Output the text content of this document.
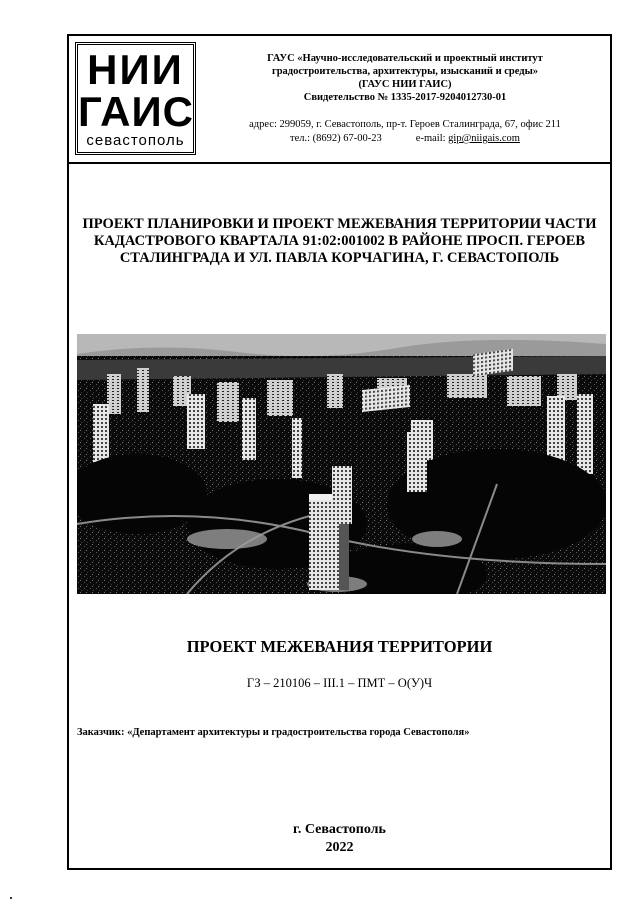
НИИ
ГАИС
севастополь
ГАУС «Научно-исследовательский и проектный институт
градостроительства, архитектуры, изысканий и среды»
(ГАУС НИИ ГАИС)
Свидетельство № 1335-2017-9204012730-01
адрес: 299059, г. Севастополь, пр-т. Героев Сталинграда, 67, офис 211
тел.: (8692) 67-00-23	e-mail: gip@niigais.com
ПРОЕКТ ПЛАНИРОВКИ И ПРОЕКТ МЕЖЕВАНИЯ ТЕРРИТОРИИ ЧАСТИ
КАДАСТРОВОГО КВАРТАЛА 91:02:001002 В РАЙОНЕ ПРОСП. ГЕРОЕВ
СТАЛИНГРАДА И УЛ. ПАВЛА КОРЧАГИНА, Г. СЕВАСТОПОЛЬ
ПРОЕКТ МЕЖЕВАНИЯ ТЕРРИТОРИИ
ГЗ – 210106 – III.1 – ПМТ – О(У)Ч
Заказчик: «Департамент архитектуры и градостроительства города Севастополя»
г. Севастополь
2022
